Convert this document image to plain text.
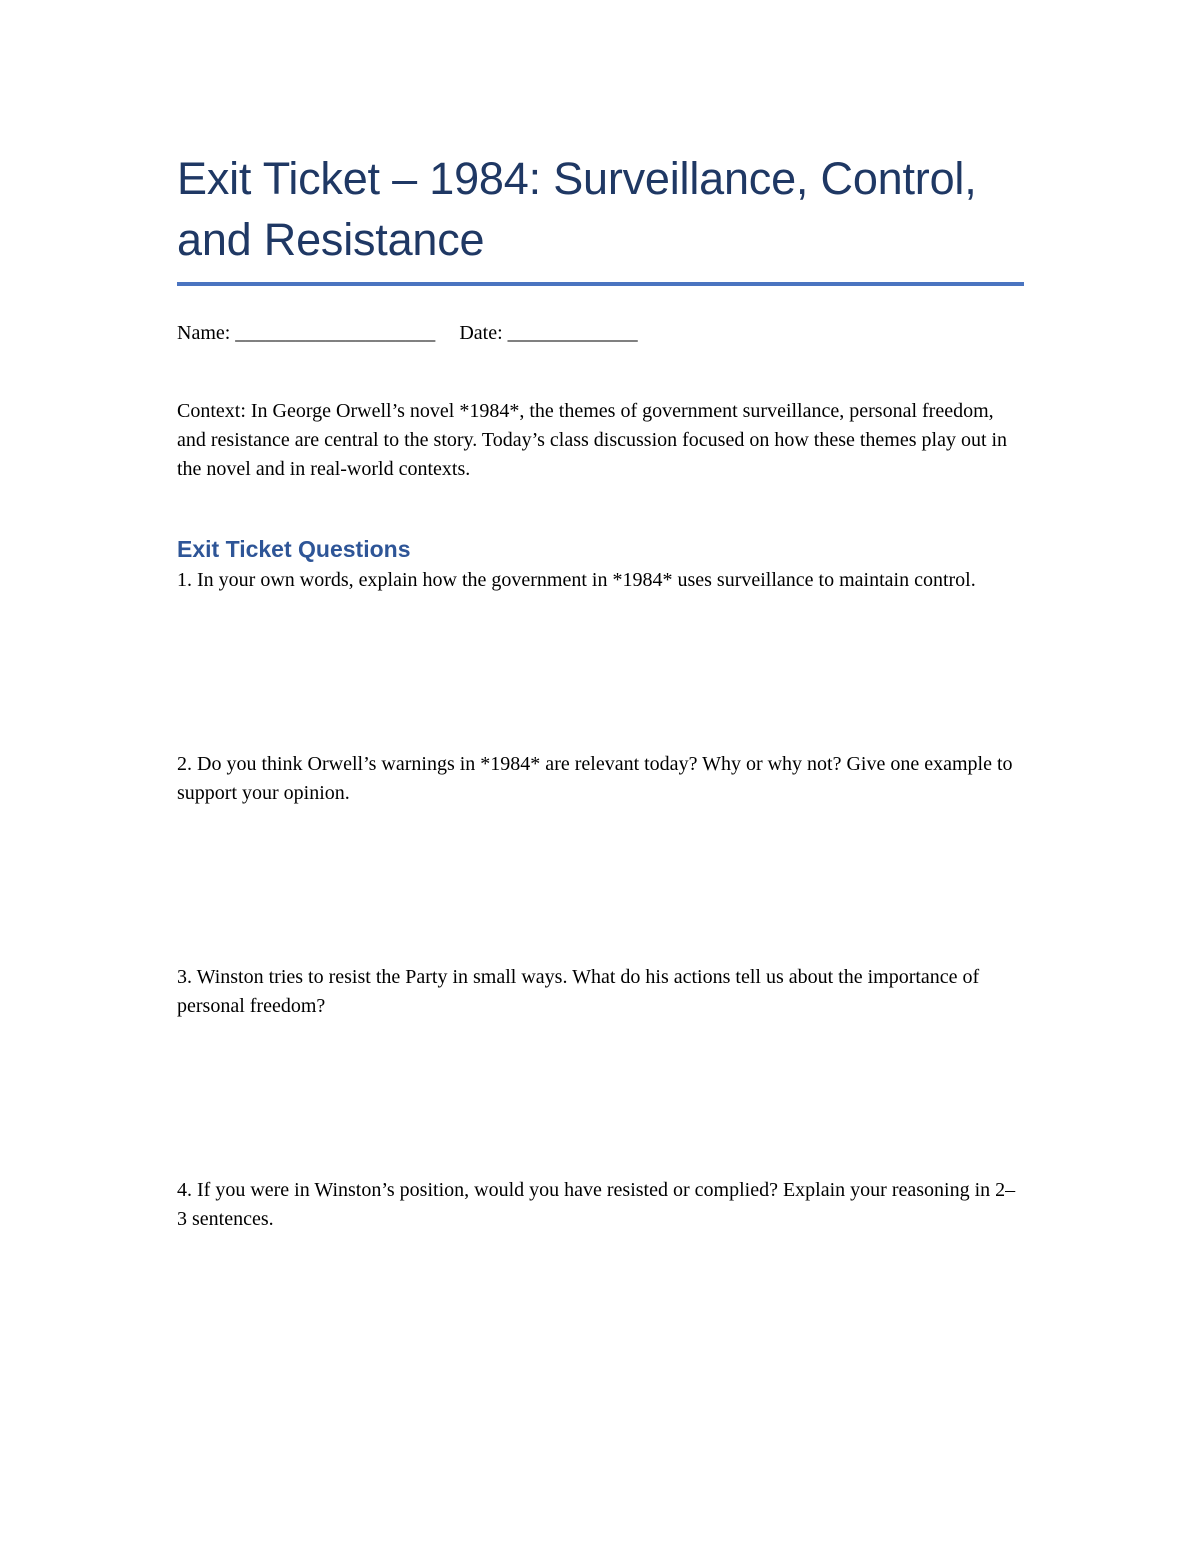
Exit Ticket – 1984: Surveillance, Control, and Resistance
Name: ____________________ Date: _____________

Context: In George Orwell’s novel *1984*, the themes of government surveillance, personal freedom, and resistance are central to the story. Today’s class discussion focused on how these themes play out in the novel and in real-world contexts.

Exit Ticket Questions

1. In your own words, explain how the government in *1984* uses surveillance to maintain control.

2. Do you think Orwell’s warnings in *1984* are relevant today? Why or why not? Give one example to support your opinion.

3. Winston tries to resist the Party in small ways. What do his actions tell us about the importance of personal freedom?

4. If you were in Winston’s position, would you have resisted or complied? Explain your reasoning in 2–3 sentences.
